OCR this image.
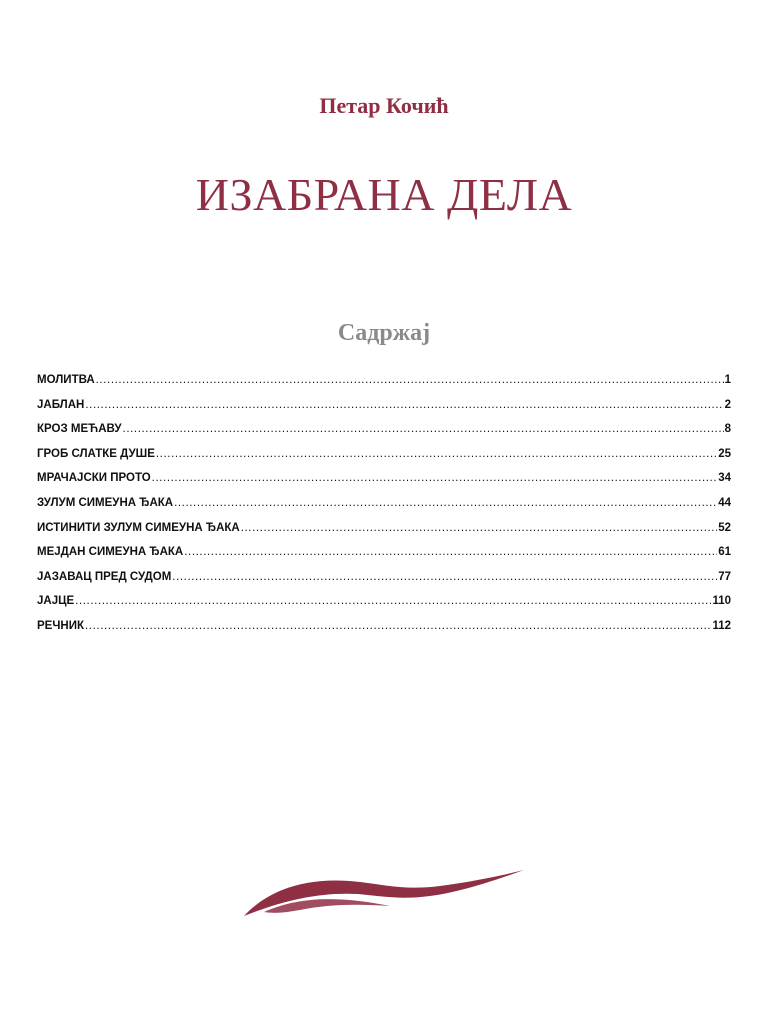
Петар Кочић
ИЗАБРАНА ДЕЛА
Садржај
МОЛИТВА .....	1
ЈАБЛАН .....	2
КРОЗ МЕЋАВУ .....	8
ГРОБ СЛАТКЕ ДУШЕ .....	25
МРАЧАЈСКИ ПРОТО .....	34
ЗУЛУМ СИМЕУНА ЂАКА .....	44
ИСТИНИТИ ЗУЛУМ СИМЕУНА ЂАКА .....	52
МЕЈДАН СИМЕУНА ЂАКА .....	61
ЈАЗАВАЦ ПРЕД СУДОМ .....	77
ЈАЈЦЕ .....	110
РЕЧНИК .....	112
